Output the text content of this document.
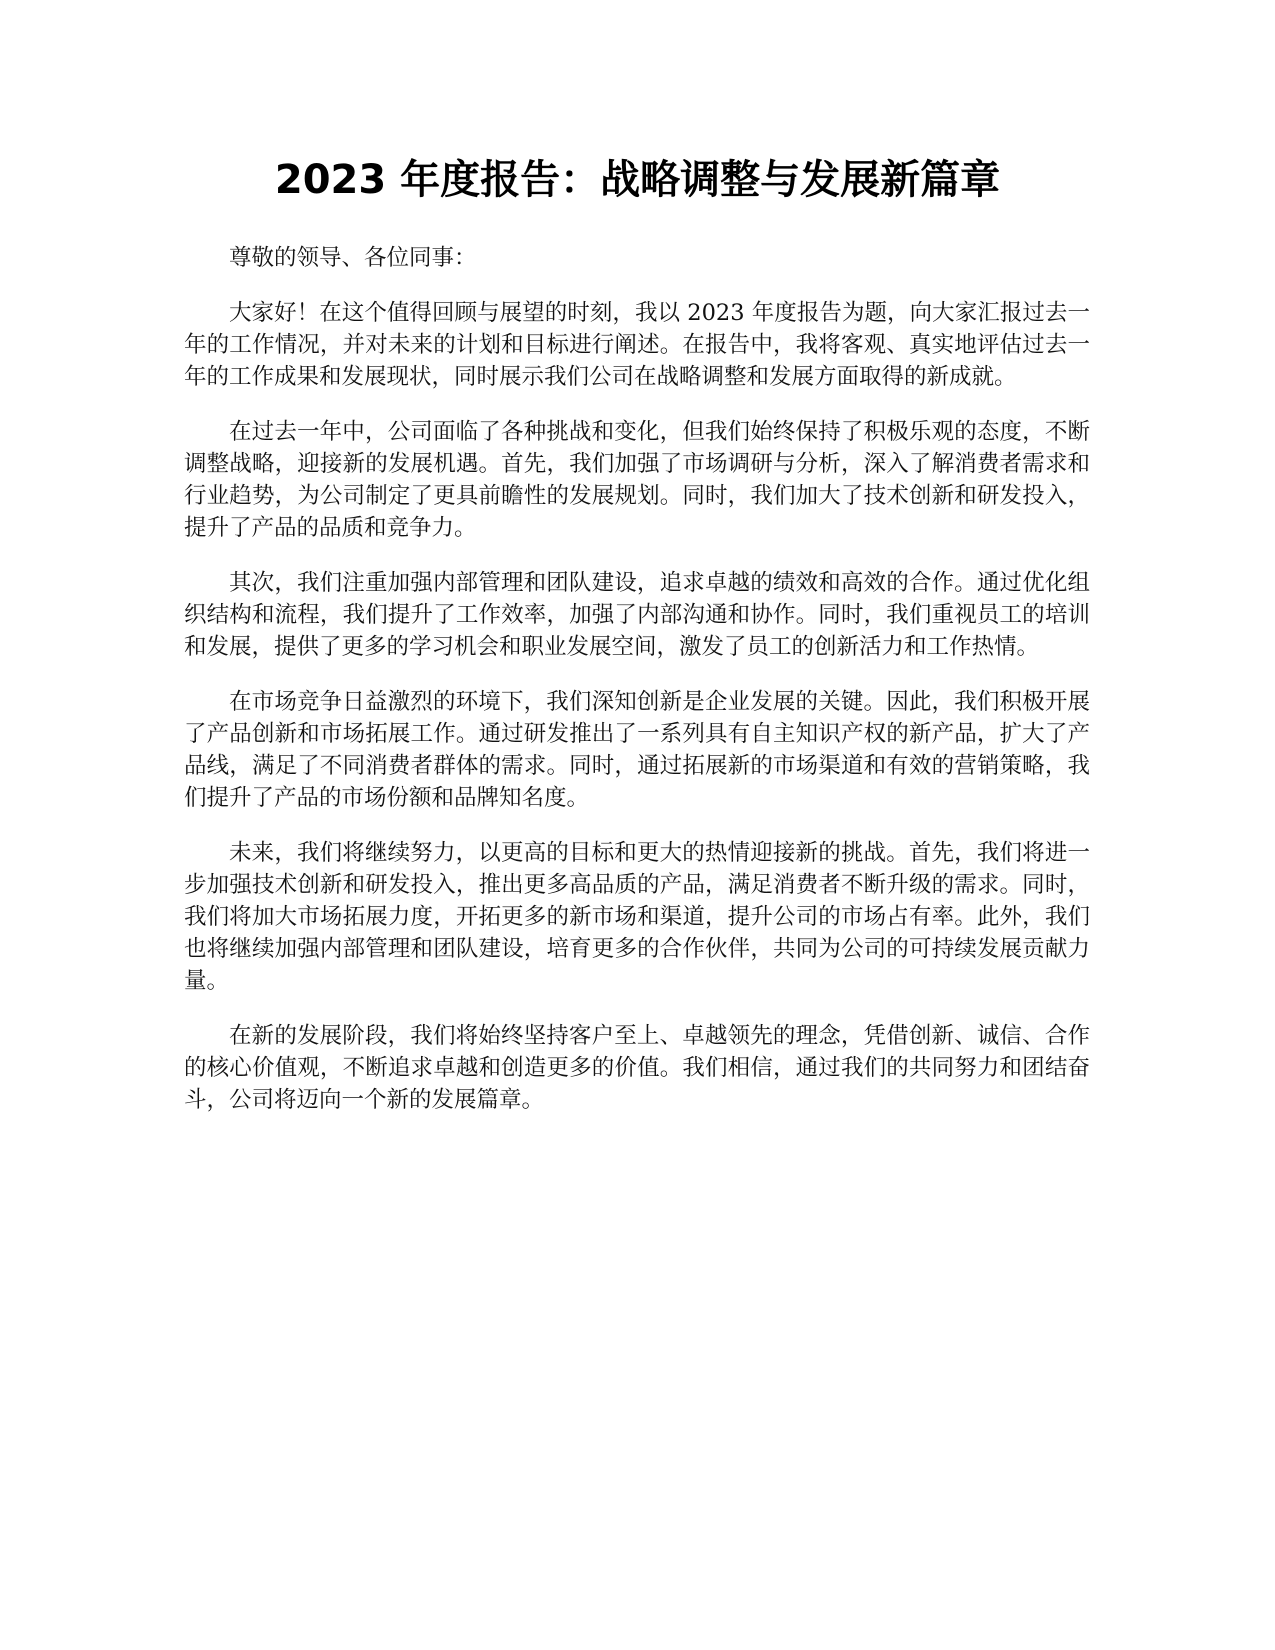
2023 年度报告：战略调整与发展新篇章

尊敬的领导、各位同事：

大家好！在这个值得回顾与展望的时刻，我以 2023 年度报告为题，向大家汇报过去一年的工作情况，并对未来的计划和目标进行阐述。在报告中，我将客观、真实地评估过去一年的工作成果和发展现状，同时展示我们公司在战略调整和发展方面取得的新成就。

在过去一年中，公司面临了各种挑战和变化，但我们始终保持了积极乐观的态度，不断调整战略，迎接新的发展机遇。首先，我们加强了市场调研与分析，深入了解消费者需求和行业趋势，为公司制定了更具前瞻性的发展规划。同时，我们加大了技术创新和研发投入，提升了产品的品质和竞争力。

其次，我们注重加强内部管理和团队建设，追求卓越的绩效和高效的合作。通过优化组织结构和流程，我们提升了工作效率，加强了内部沟通和协作。同时，我们重视员工的培训和发展，提供了更多的学习机会和职业发展空间，激发了员工的创新活力和工作热情。

在市场竞争日益激烈的环境下，我们深知创新是企业发展的关键。因此，我们积极开展了产品创新和市场拓展工作。通过研发推出了一系列具有自主知识产权的新产品，扩大了产品线，满足了不同消费者群体的需求。同时，通过拓展新的市场渠道和有效的营销策略，我们提升了产品的市场份额和品牌知名度。

未来，我们将继续努力，以更高的目标和更大的热情迎接新的挑战。首先，我们将进一步加强技术创新和研发投入，推出更多高品质的产品，满足消费者不断升级的需求。同时，我们将加大市场拓展力度，开拓更多的新市场和渠道，提升公司的市场占有率。此外，我们也将继续加强内部管理和团队建设，培育更多的合作伙伴，共同为公司的可持续发展贡献力量。

在新的发展阶段，我们将始终坚持客户至上、卓越领先的理念，凭借创新、诚信、合作的核心价值观，不断追求卓越和创造更多的价值。我们相信，通过我们的共同努力和团结奋斗，公司将迈向一个新的发展篇章。
